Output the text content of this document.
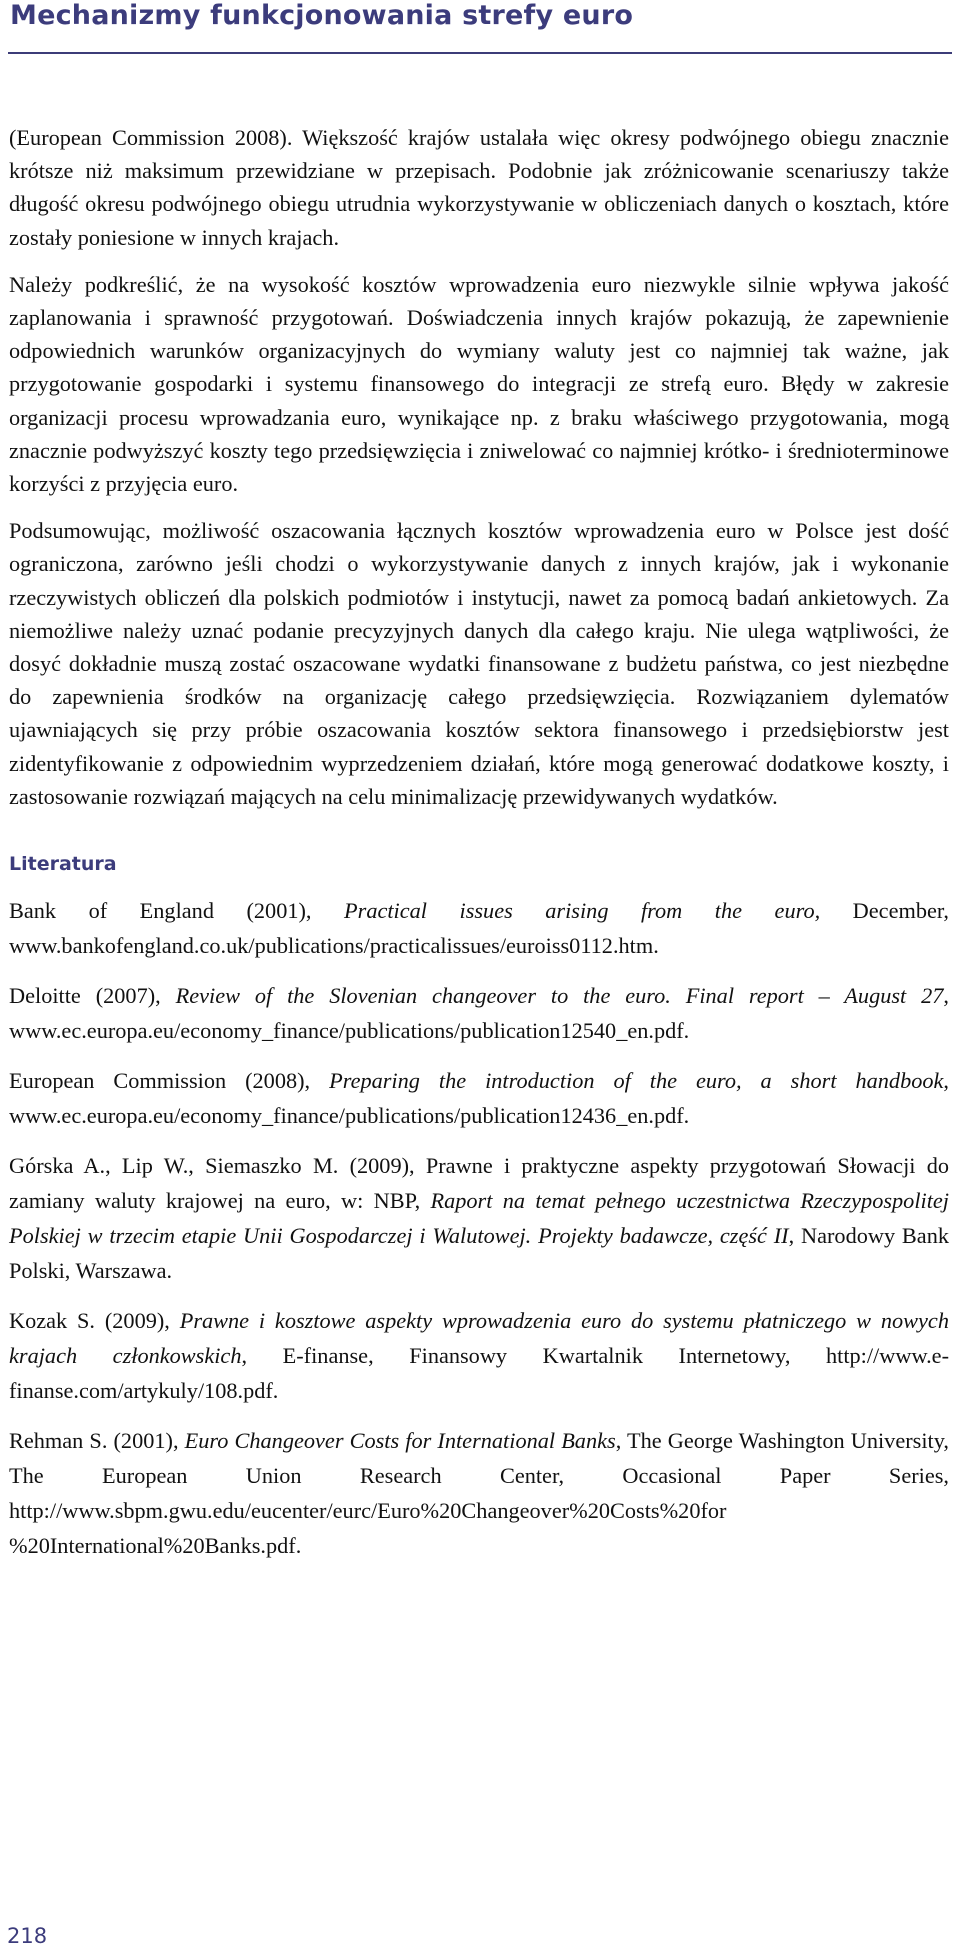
Mechanizmy funkcjonowania strefy euro

(European Commission 2008). Większość krajów ustalała więc okresy podwójnego obiegu znacznie krótsze niż maksimum przewidziane w przepisach. Podobnie jak zróżnicowanie scenariuszy także długość okresu podwójnego obiegu utrudnia wykorzystywanie w obliczeniach danych o kosztach, które zostały poniesione w innych krajach.

Należy podkreślić, że na wysokość kosztów wprowadzenia euro niezwykle silnie wpływa jakość zaplanowania i sprawność przygotowań. Doświadczenia innych krajów pokazują, że zapewnienie odpowiednich warunków organizacyjnych do wymiany waluty jest co najmniej tak ważne, jak przygotowanie gospodarki i systemu finansowego do integracji ze strefą euro. Błędy w zakresie organizacji procesu wprowadzania euro, wynikające np. z braku właściwego przygotowania, mogą znacznie podwyższyć koszty tego przedsięwzięcia i zniwelować co najmniej krótko- i średnioterminowe korzyści z przyjęcia euro.

Podsumowując, możliwość oszacowania łącznych kosztów wprowadzenia euro w Polsce jest dość ograniczona, zarówno jeśli chodzi o wykorzystywanie danych z innych krajów, jak i wykonanie rzeczywistych obliczeń dla polskich podmiotów i instytucji, nawet za pomocą badań ankietowych. Za niemożliwe należy uznać podanie precyzyjnych danych dla całego kraju. Nie ulega wątpliwości, że dosyć dokładnie muszą zostać oszacowane wydatki finansowane z budżetu państwa, co jest niezbędne do zapewnienia środków na organizację całego przedsięwzięcia. Rozwiązaniem dylematów ujawniających się przy próbie oszacowania kosztów sektora finansowego i przedsiębiorstw jest zidentyfikowanie z odpowiednim wyprzedzeniem działań, które mogą generować dodatkowe koszty, i zastosowanie rozwiązań mających na celu minimalizację przewidywanych wydatków.

Literatura
Bank of England (2001), Practical issues arising from the euro, December, www.bankofengland.co.uk/publications/practicalissues/euroiss0112.htm.
Deloitte (2007), Review of the Slovenian changeover to the euro. Final report – August 27, www.ec.europa.eu/economy_finance/publications/publication12540_en.pdf.
European Commission (2008), Preparing the introduction of the euro, a short handbook, www.ec.europa.eu/economy_finance/publications/publication12436_en.pdf.
Górska A., Lip W., Siemaszko M. (2009), Prawne i praktyczne aspekty przygotowań Słowacji do zamiany waluty krajowej na euro, w: NBP, Raport na temat pełnego uczestnictwa Rzeczypospolitej Polskiej w trzecim etapie Unii Gospodarczej i Walutowej. Projekty badawcze, część II, Narodowy Bank Polski, Warszawa.
Kozak S. (2009), Prawne i kosztowe aspekty wprowadzenia euro do systemu płatniczego w nowych krajach członkowskich, E-finanse, Finansowy Kwartalnik Internetowy, http://www.e-finanse.com/artykuly/108.pdf.
Rehman S. (2001), Euro Changeover Costs for International Banks, The George Washington University, The European Union Research Center, Occasional Paper Series, http://www.sbpm.gwu.edu/eucenter/eurc/Euro%20Changeover%20Costs%20for %20International%20Banks.pdf.
218
